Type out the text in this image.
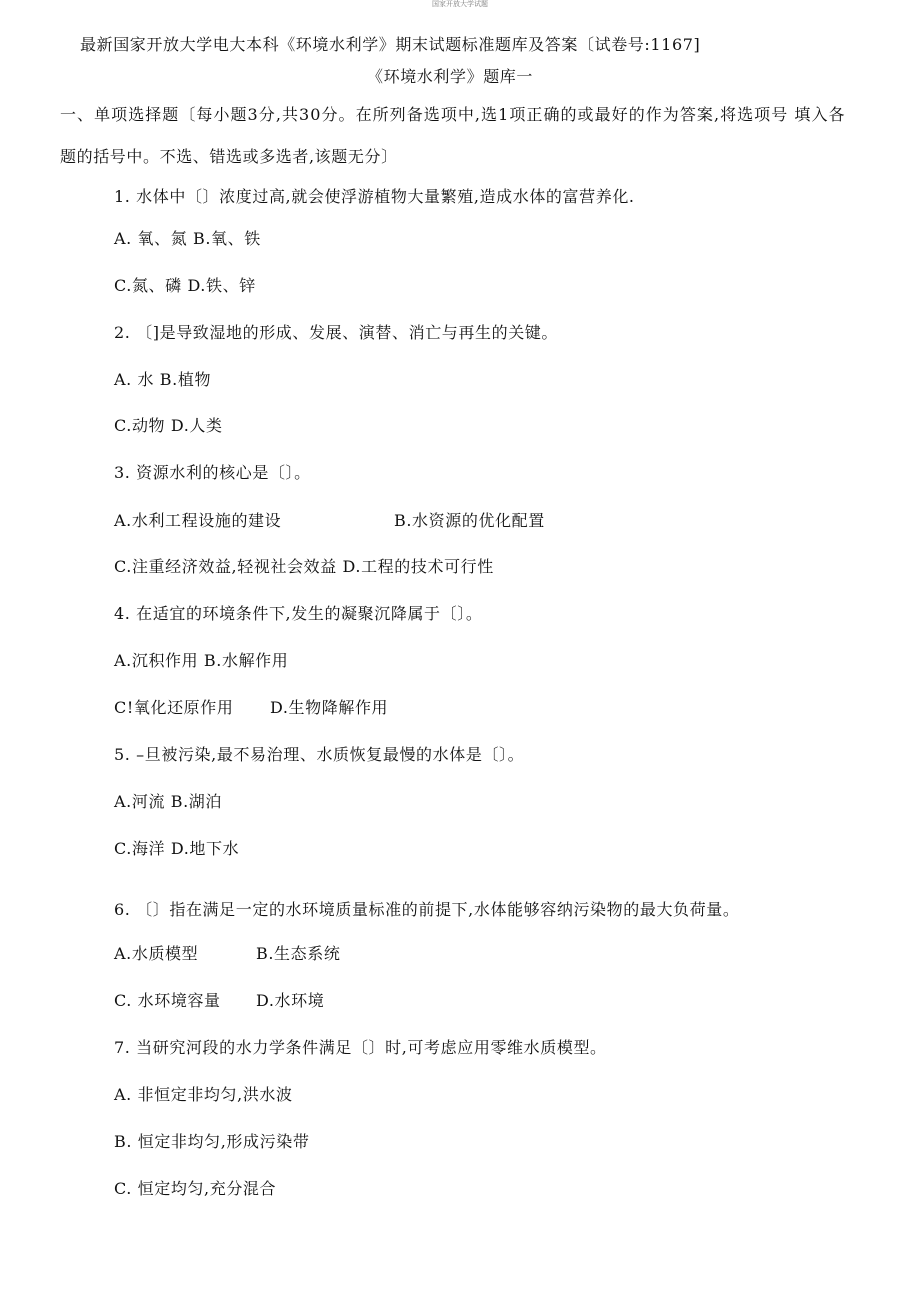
国家开放大学试题
最新国家开放大学电大本科《环境水利学》期末试题标准题库及答案〔试卷号:1167]
《环境水利学》题库一
一、单项选择题〔每小题3分,共30分。在所列备选项中,选1项正确的或最好的作为答案,将选项号 填入各
题的括号中。不选、错选或多选者,该题无分〕
1. 水体中〔〕浓度过高,就会使浮游植物大量繁殖,造成水体的富营养化.
A. 氧、氮 B.氧、铁
C.氮、磷 D.铁、锌
2. 〔]是导致湿地的形成、发展、演替、消亡与再生的关键。
A. 水 B.植物
C.动物 D.人类
3. 资源水利的核心是〔〕。
A.水利工程设施的建设	B.水资源的优化配置
C.注重经济效益,轻视社会效益 D.工程的技术可行性
4. 在适宜的环境条件下,发生的凝聚沉降属于〔〕。
A.沉积作用 B.水解作用
C!氧化还原作用 D.生物降解作用
5. –旦被污染,最不易治理、水质恢复最慢的水体是〔〕。
A.河流 B.湖泊
C.海洋 D.地下水
6. 〔〕指在满足一定的水环境质量标准的前提下,水体能够容纳污染物的最大负荷量。
A.水质模型	B.生态系统
C. 水环境容量 D.水环境
7. 当研究河段的水力学条件满足〔〕时,可考虑应用零维水质模型。
A. 非恒定非均匀,洪水波
B. 恒定非均匀,形成污染带
C. 恒定均匀,充分混合
